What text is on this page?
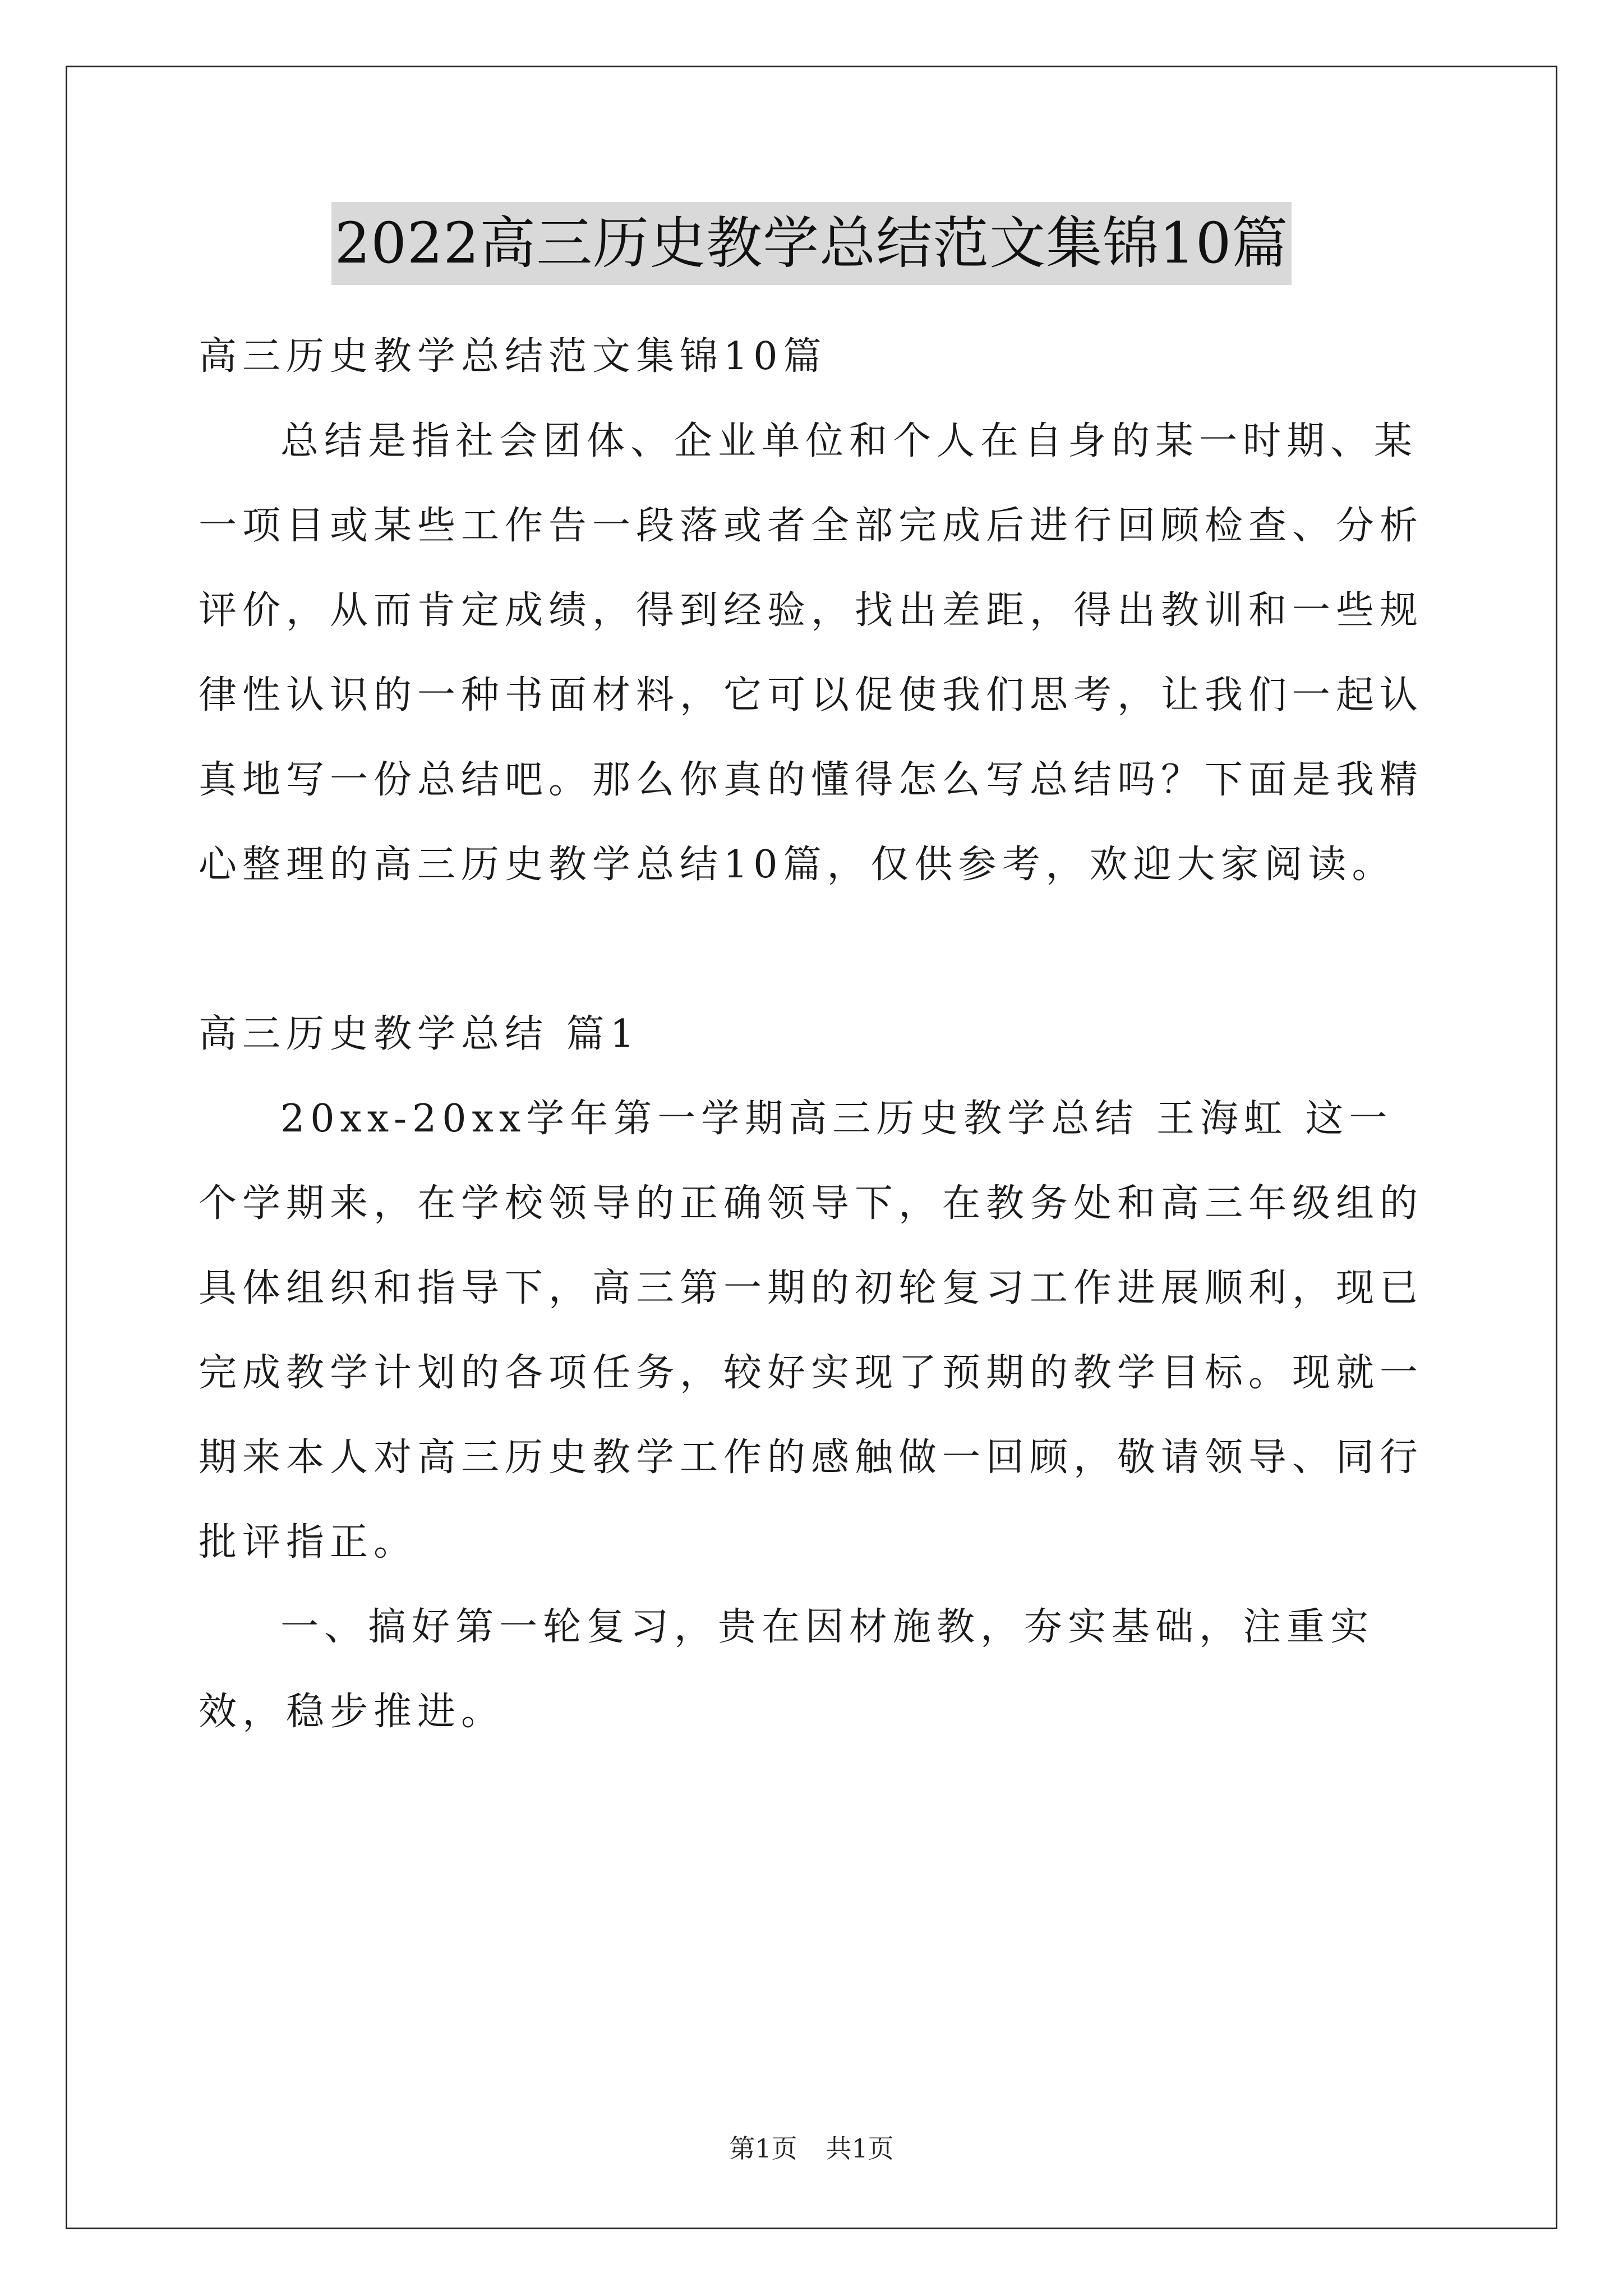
2022高三历史教学总结范文集锦10篇

高三历史教学总结范文集锦10篇

总结是指社会团体、企业单位和个人在自身的某一时期、某一项目或某些工作告一段落或者全部完成后进行回顾检查、分析评价，从而肯定成绩，得到经验，找出差距，得出教训和一些规律性认识的一种书面材料，它可以促使我们思考，让我们一起认真地写一份总结吧。那么你真的懂得怎么写总结吗？下面是我精心整理的高三历史教学总结10篇，仅供参考，欢迎大家阅读。

高三历史教学总结 篇1

20xx-20xx学年第一学期高三历史教学总结 王海虹 这一个学期来，在学校领导的正确领导下，在教务处和高三年级组的具体组织和指导下，高三第一期的初轮复习工作进展顺利，现已完成教学计划的各项任务，较好实现了预期的教学目标。现就一期来本人对高三历史教学工作的感触做一回顾，敬请领导、同行批评指正。

一、搞好第一轮复习，贵在因材施教，夯实基础，注重实效，稳步推进。

第1页 共1页
